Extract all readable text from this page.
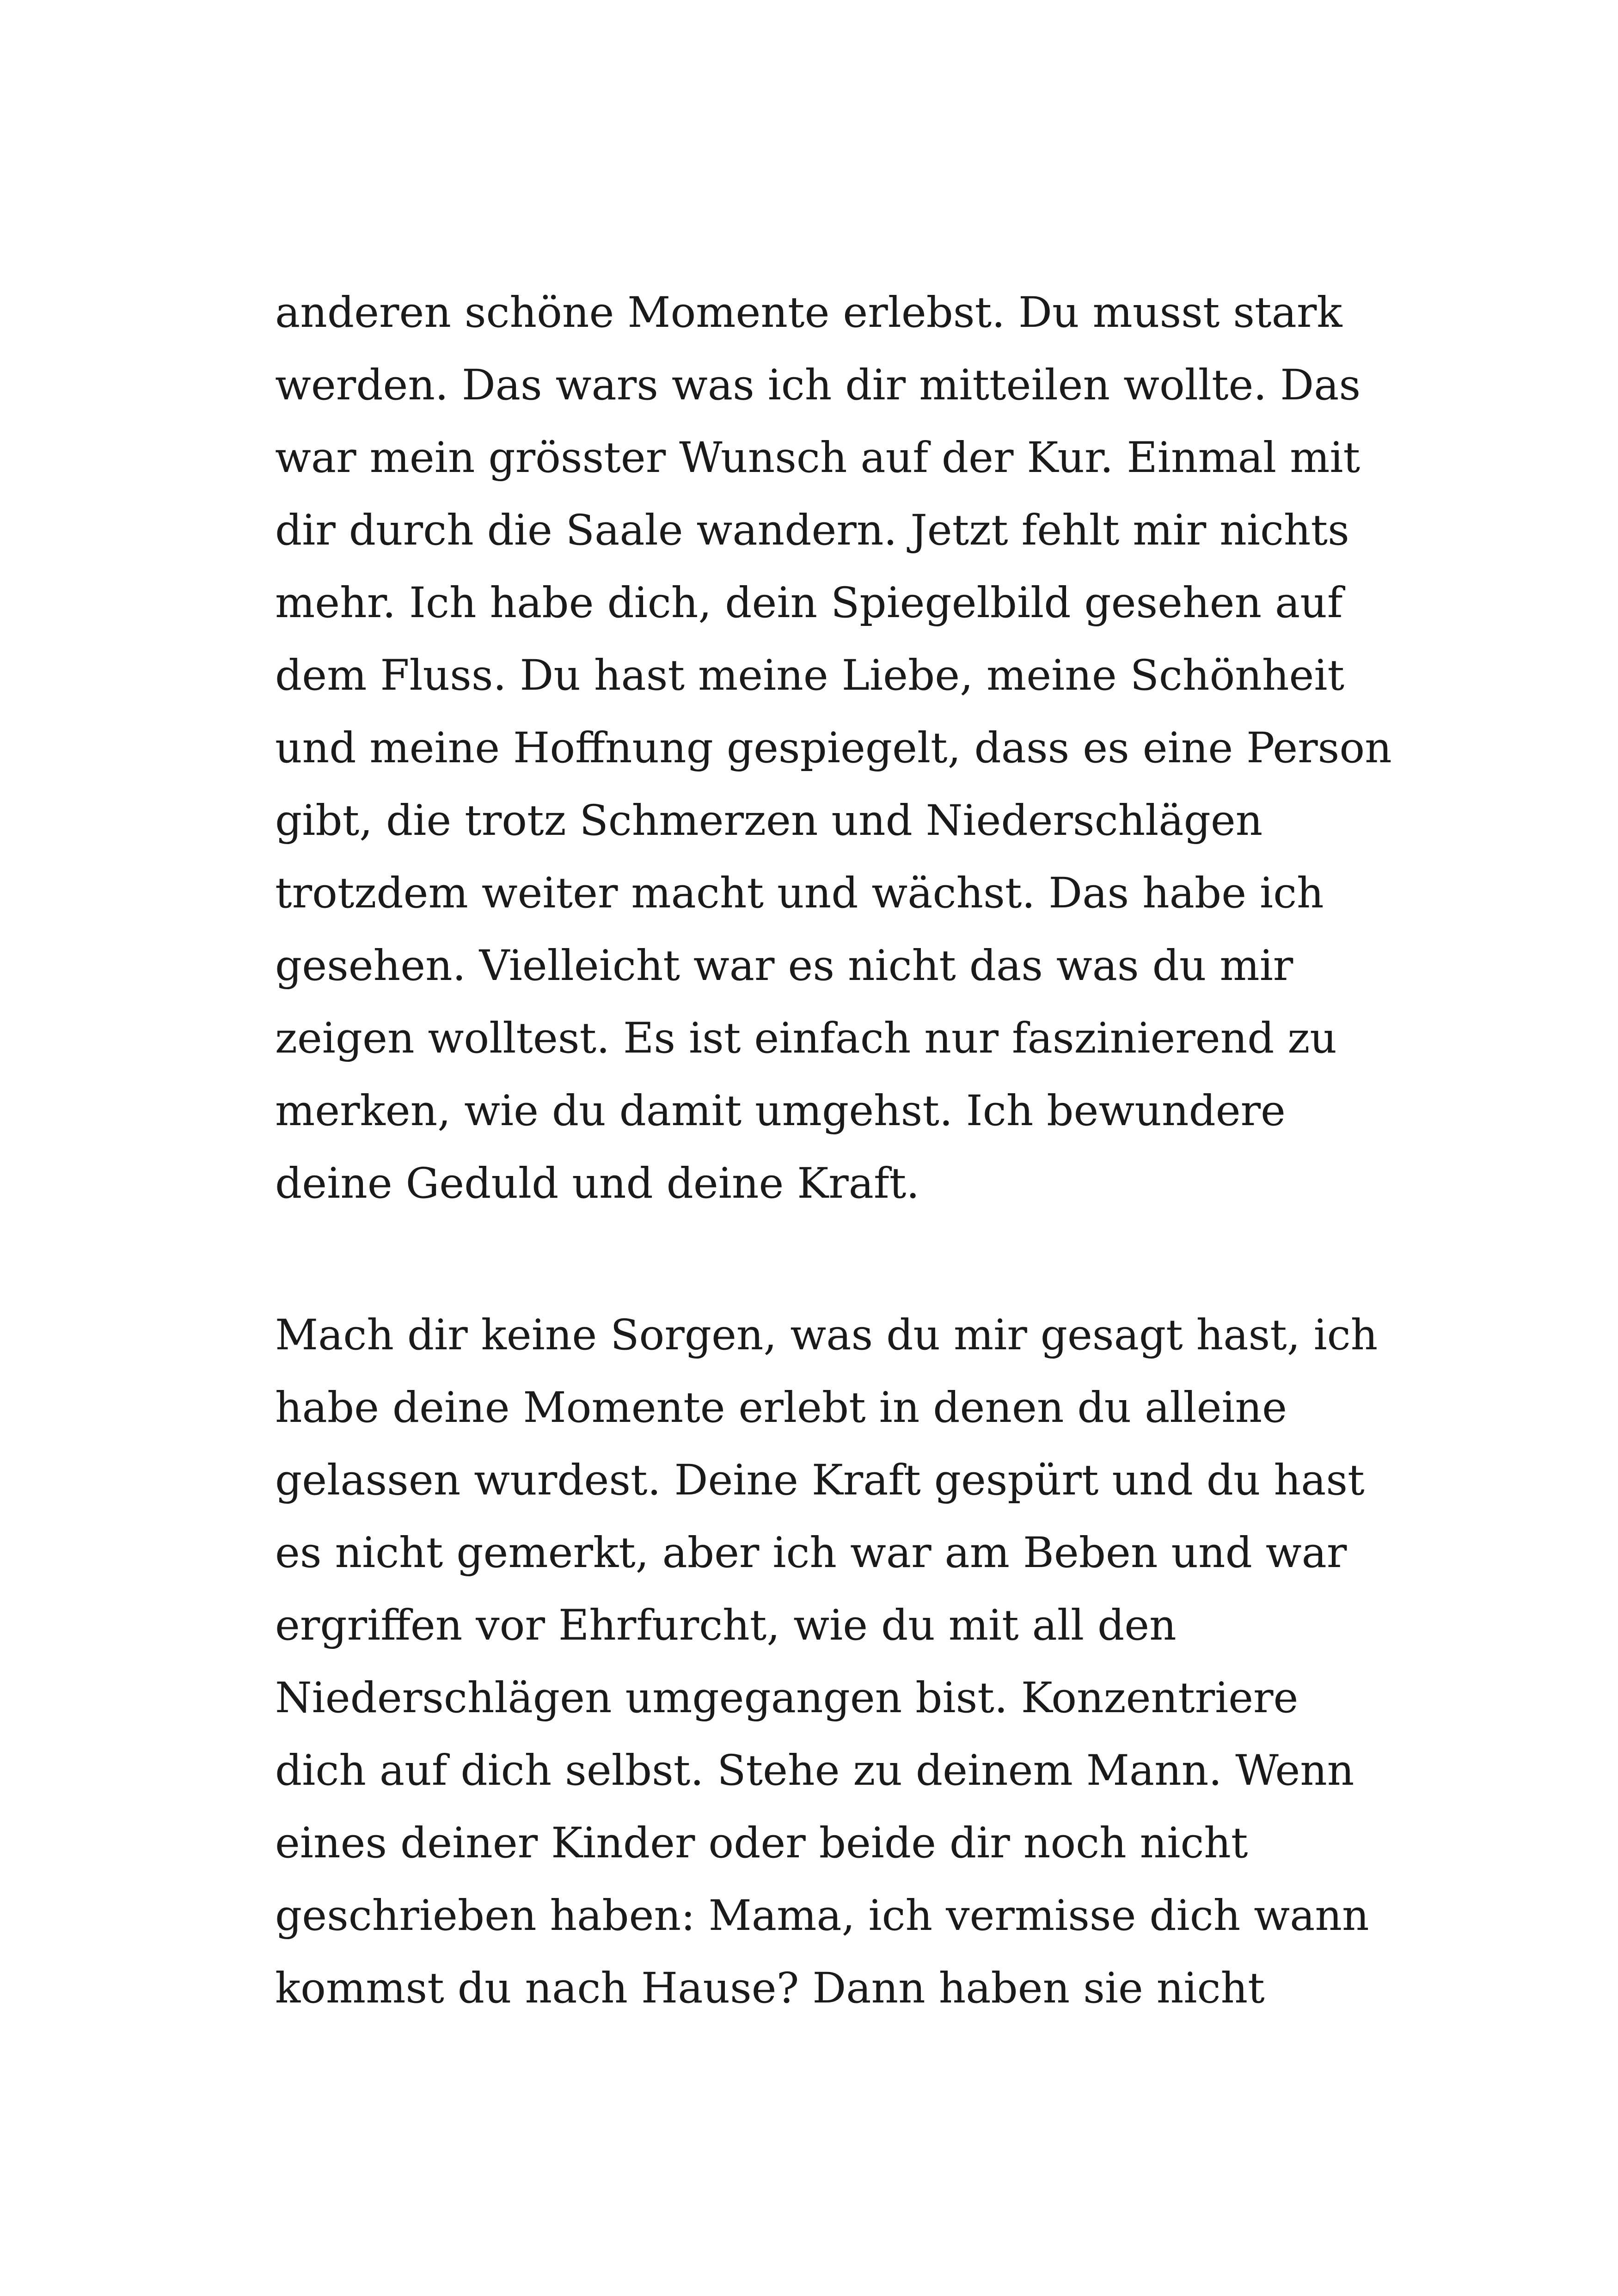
anderen schöne Momente erlebst. Du musst stark
werden. Das wars was ich dir mitteilen wollte. Das
war mein grösster Wunsch auf der Kur. Einmal mit
dir durch die Saale wandern. Jetzt fehlt mir nichts
mehr. Ich habe dich, dein Spiegelbild gesehen auf
dem Fluss. Du hast meine Liebe, meine Schönheit
und meine Hoffnung gespiegelt, dass es eine Person
gibt, die trotz Schmerzen und Niederschlägen
trotzdem weiter macht und wächst. Das habe ich
gesehen. Vielleicht war es nicht das was du mir
zeigen wolltest. Es ist einfach nur faszinierend zu
merken, wie du damit umgehst. Ich bewundere
deine Geduld und deine Kraft.
Mach dir keine Sorgen, was du mir gesagt hast, ich
habe deine Momente erlebt in denen du alleine
gelassen wurdest. Deine Kraft gespürt und du hast
es nicht gemerkt, aber ich war am Beben und war
ergriffen vor Ehrfurcht, wie du mit all den
Niederschlägen umgegangen bist. Konzentriere
dich auf dich selbst. Stehe zu deinem Mann. Wenn
eines deiner Kinder oder beide dir noch nicht
geschrieben haben: Mama, ich vermisse dich wann
kommst du nach Hause? Dann haben sie nicht
